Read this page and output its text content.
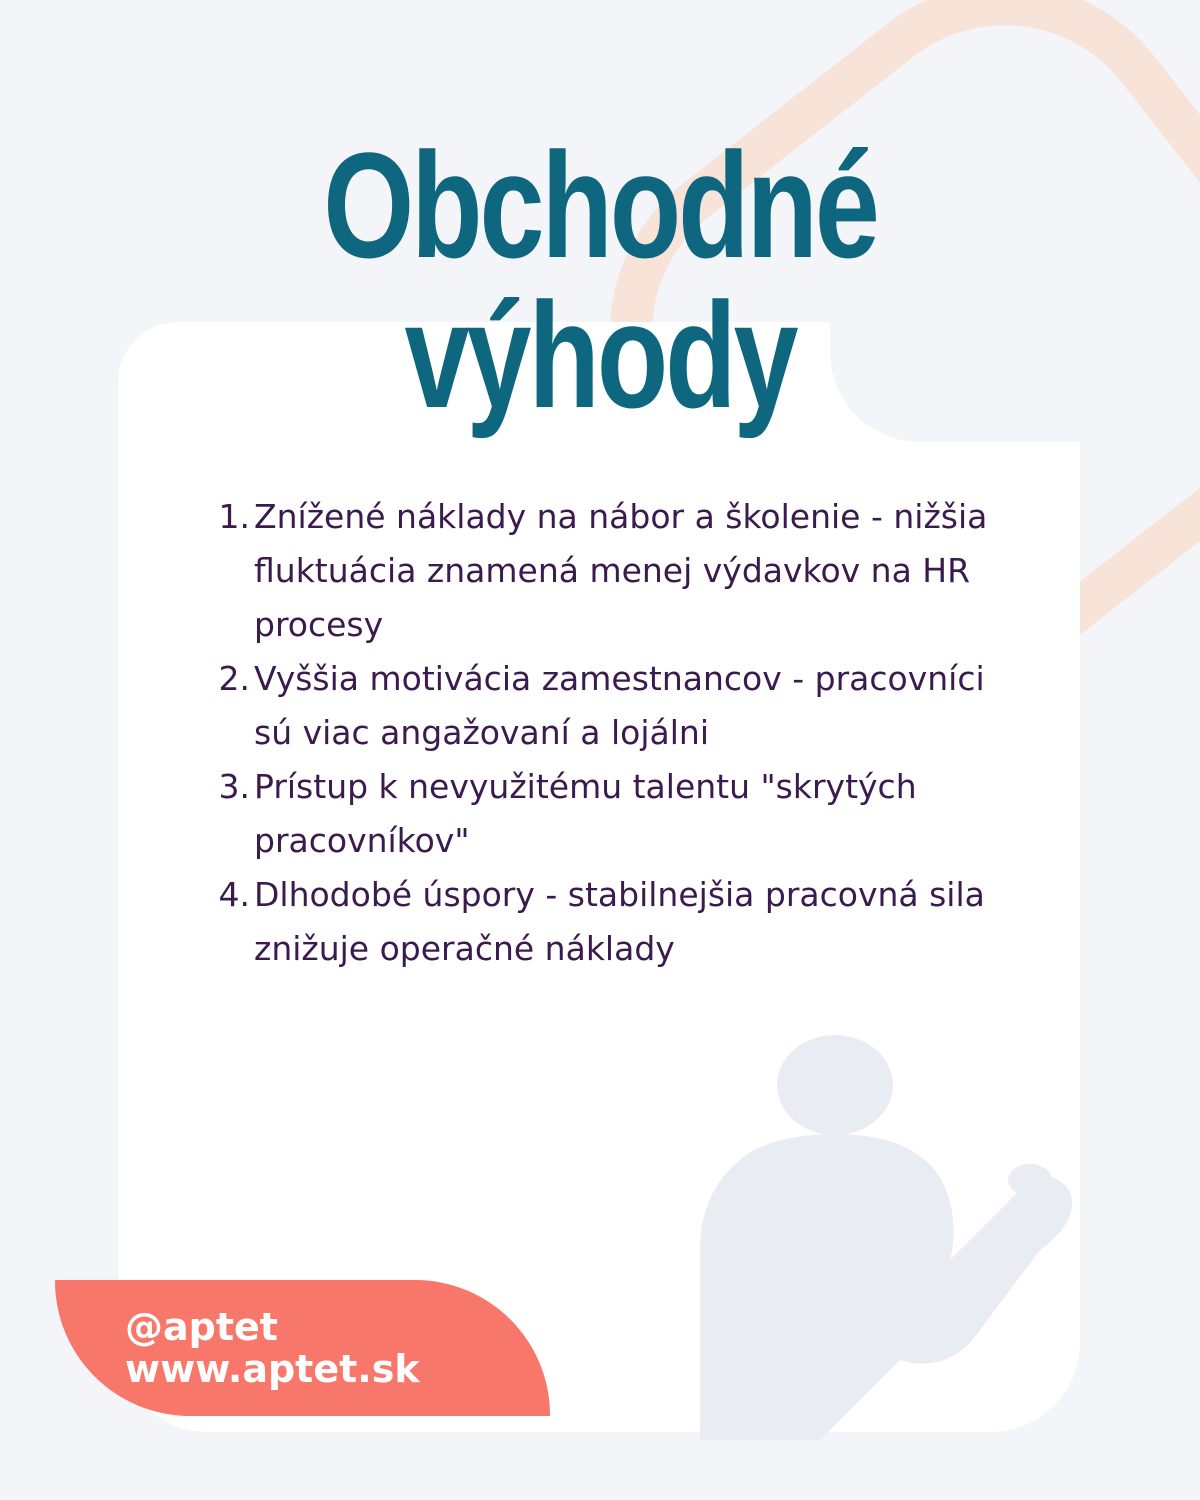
Obchodné výhody
1. Znížené náklady na nábor a školenie - nižšia fluktuácia znamená menej výdavkov na HR procesy
2. Vyššia motivácia zamestnancov - pracovníci sú viac angažovaní a lojálni
3. Prístup k nevyužitému talentu "skrytých pracovníkov"
4. Dlhodobé úspory - stabilnejšia pracovná sila znižuje operačné náklady
@aptet
www.aptet.sk
